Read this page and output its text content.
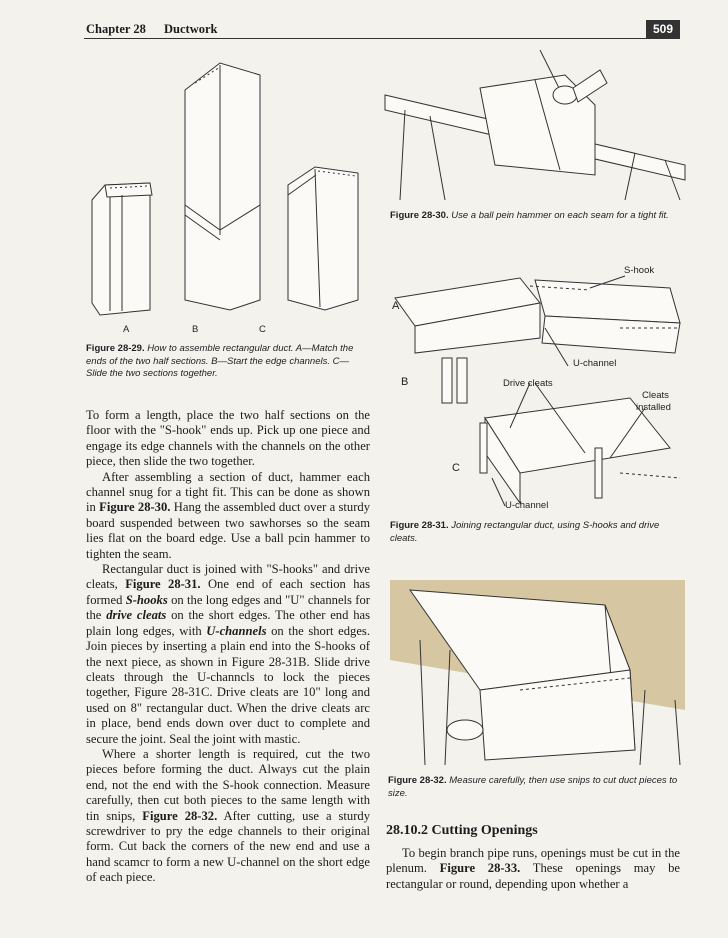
Chapter 28 Ductwork	509
A	B	C
Figure 28-29. How to assemble rectangular duct. A—Match the ends of the two half sections. B—Start the edge channels. C—Slide the two sections together.
Figure 28-30. Use a ball pein hammer on each seam for a tight fit.
S-hook
A
U-channel
B	Drive cleats
Cleats
installed
C
U-channel
Figure 28-31. Joining rectangular duct, using S-hooks and drive cleats.
Figure 28-32. Measure carefully, then use snips to cut duct pieces to size.

To form a length, place the two half sections on the floor with the "S-hook" ends up. Pick up one piece and engage its edge channels with the channels on the other piece, then slide the two together.

After assembling a section of duct, hammer each channel snug for a tight fit. This can be done as shown in Figure 28-30. Hang the assembled duct over a sturdy board suspended between two sawhorses so the seam lies flat on the board edge. Use a ball pcin hammer to tighten the seam.

Rectangular duct is joined with "S-hooks" and drive cleats, Figure 28-31. One end of each section has formed S-hooks on the long edges and "U" channels for the drive cleats on the short edges. The other end has plain long edges, with U-channels on the short edges. Join pieces by inserting a plain end into the S-hooks of the next piece, as shown in Figure 28-31B. Slide drive cleats through the U-channcls to lock the pieces together, Figure 28-31C. Drive cleats are 10" long and used on 8" rectangular duct. When the drive cleats arc in place, bend ends down over duct to complete and secure the joint. Seal the joint with mastic.

Where a shorter length is required, cut the two pieces before forming the duct. Always cut the plain end, not the end with the S-hook connection. Measure carefully, then cut both pieces to the same length with tin snips, Figure 28-32. After cutting, use a sturdy screwdriver to pry the edge channels to their original form. Cut back the corners of the new end and use a hand scamcr to form a new U-channel on the short edge of each piece.

28.10.2 Cutting Openings

To begin branch pipe runs, openings must be cut in the plenum. Figure 28-33. These openings may be rectangular or round, depending upon whether a
